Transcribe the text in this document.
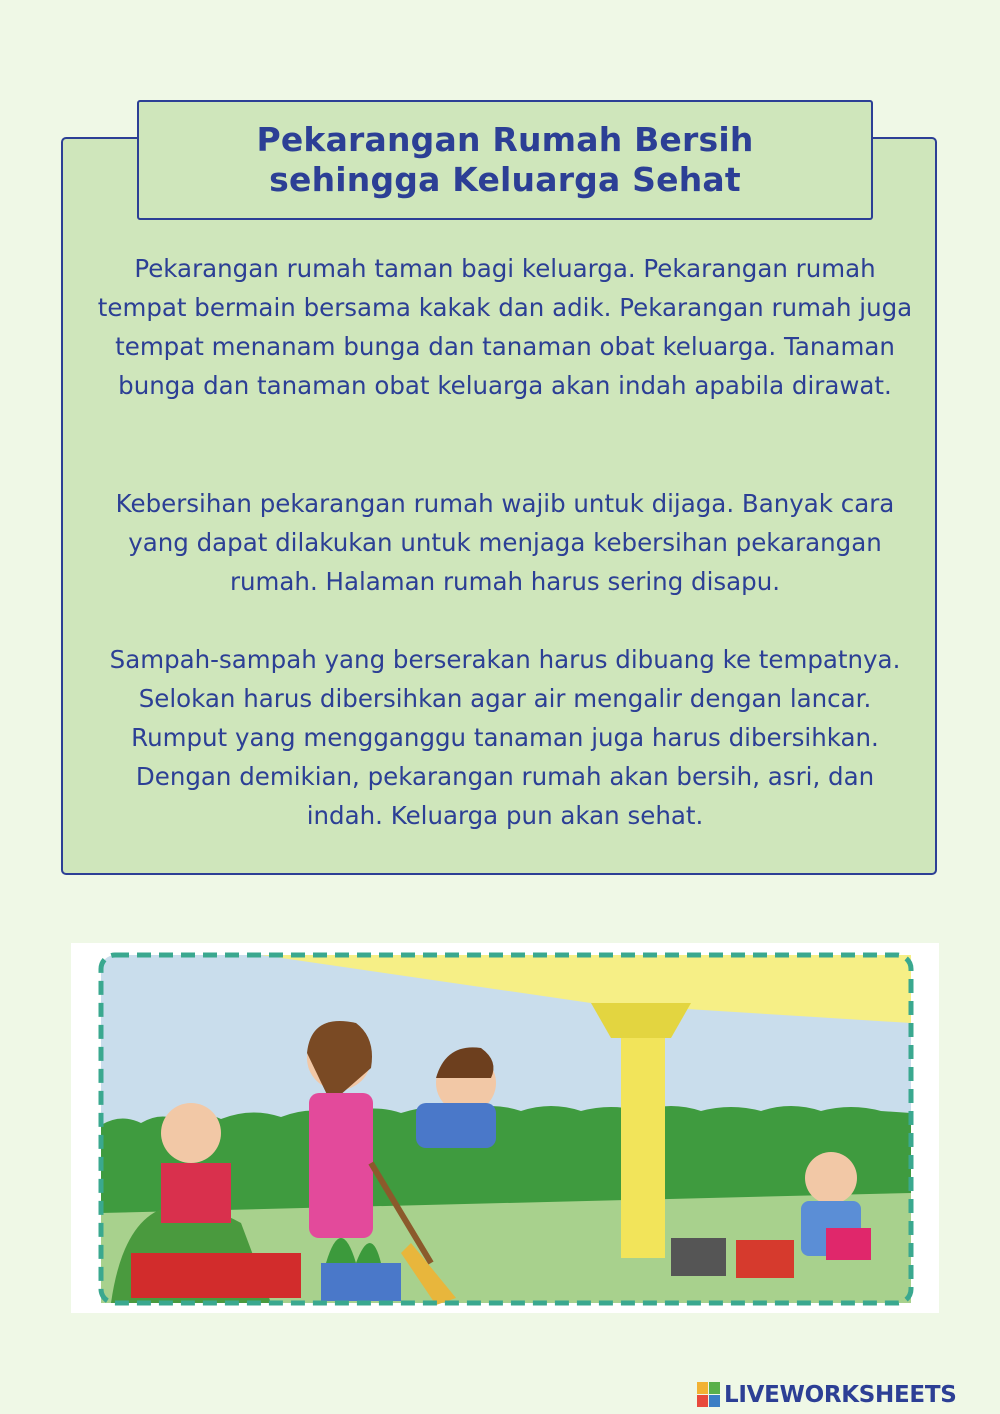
Pekarangan Rumah Bersih
sehingga Keluarga Sehat

Pekarangan rumah taman bagi keluarga. Pekarangan rumah tempat bermain bersama kakak dan adik. Pekarangan rumah juga tempat menanam bunga dan tanaman obat keluarga. Tanaman bunga dan tanaman obat keluarga akan indah apabila dirawat.

Kebersihan pekarangan rumah wajib untuk dijaga. Banyak cara yang dapat dilakukan untuk menjaga kebersihan pekarangan rumah. Halaman rumah harus sering disapu.

Sampah-sampah yang berserakan harus dibuang ke tempatnya. Selokan harus dibersihkan agar air mengalir dengan lancar. Rumput yang mengganggu tanaman juga harus dibersihkan. Dengan demikian, pekarangan rumah akan bersih, asri, dan indah. Keluarga pun akan sehat.

LIVEWORKSHEETS
